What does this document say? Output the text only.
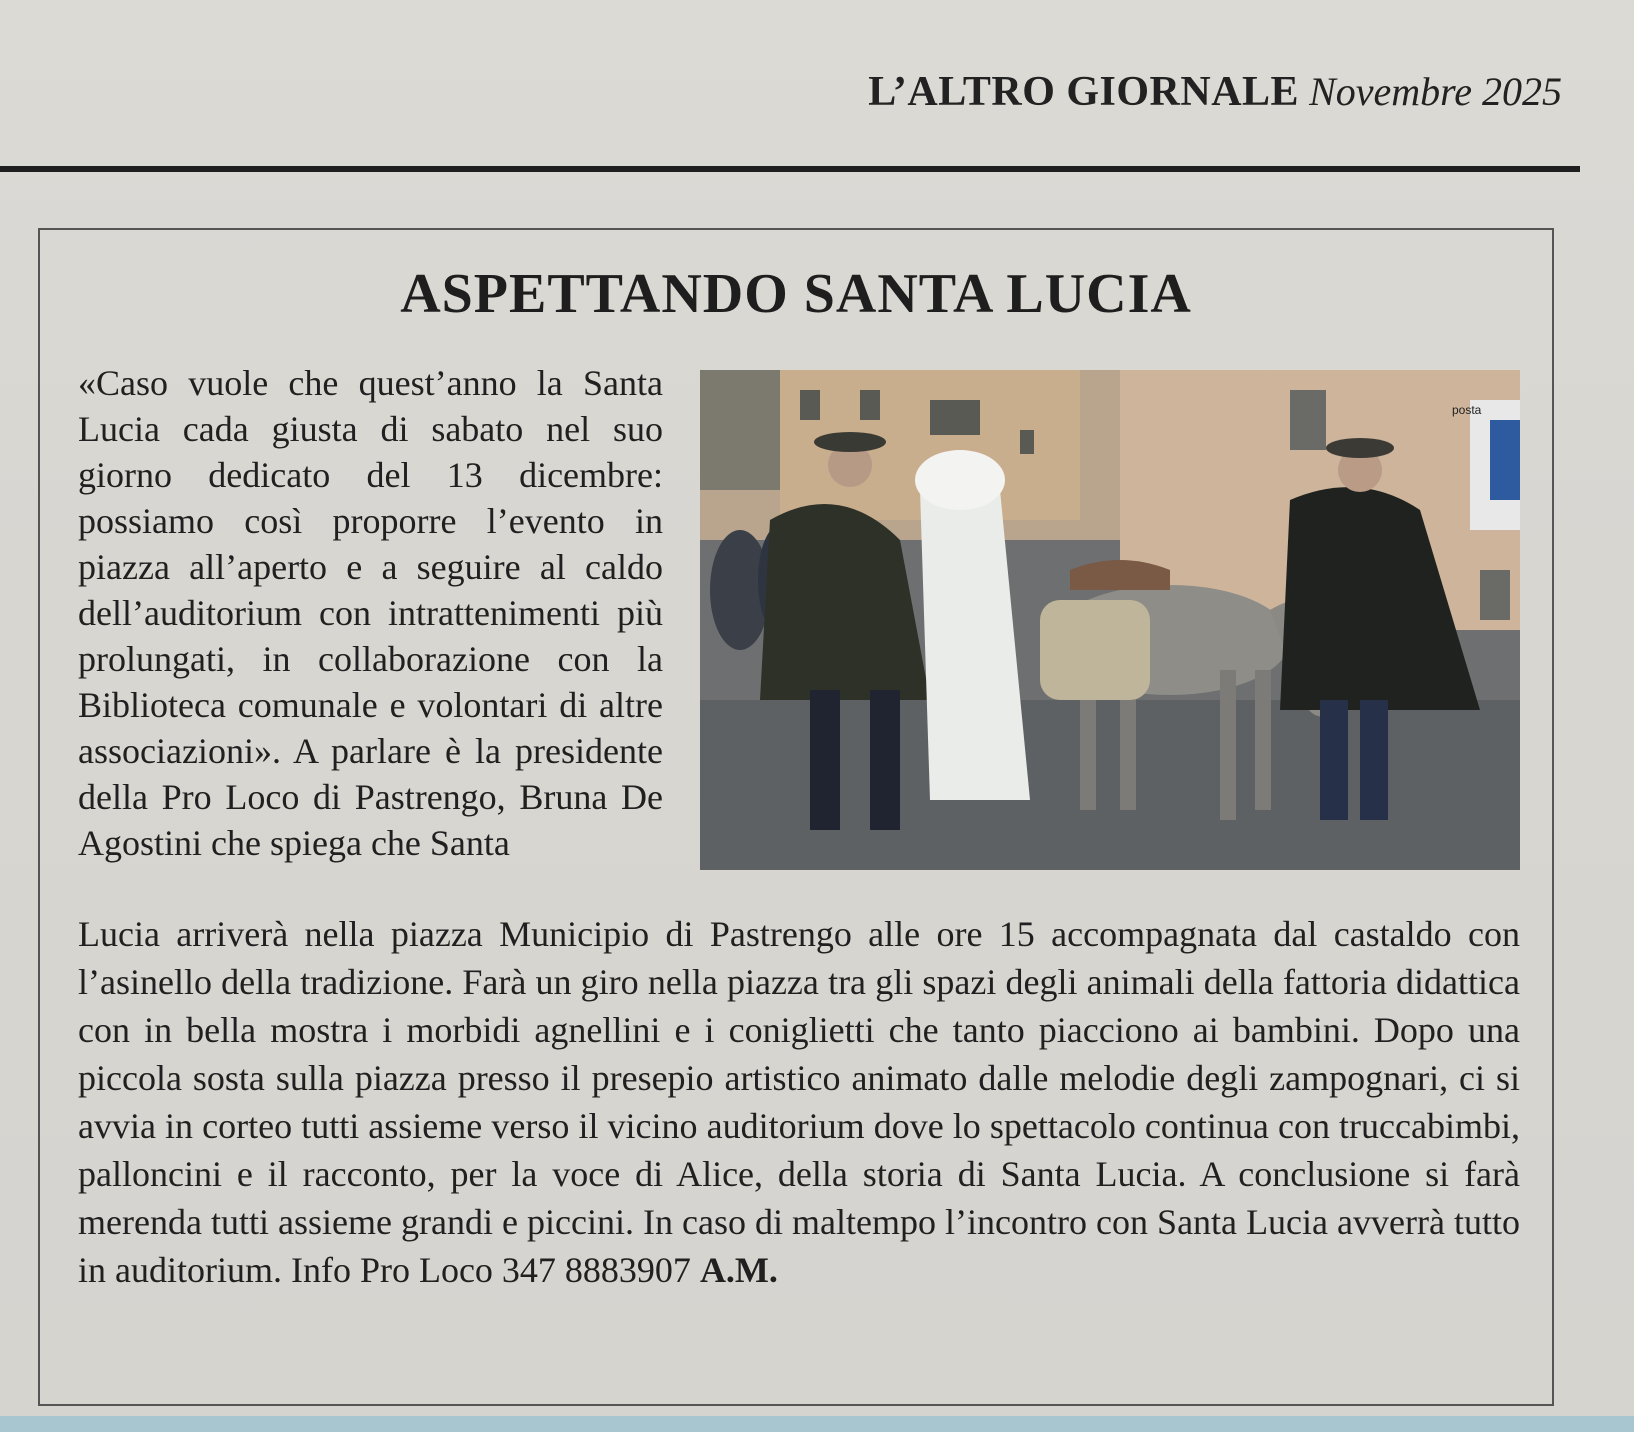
L’ALTRO GIORNALE Novembre 2025
ASPETTANDO SANTA LUCIA
«Caso vuole che quest’anno la Santa Lucia cada giusta di sabato nel suo giorno dedicato del 13 dicembre: possiamo così proporre l’evento in piazza all’aperto e a seguire al caldo dell’auditorium con intrattenimenti più prolungati, in collaborazione con la Biblioteca comunale e volontari di altre associazioni». A parlare è la presidente della Pro Loco di Pastrengo, Bruna De Agostini che spiega che Santa
posta
Lucia arriverà nella piazza Municipio di Pastrengo alle ore 15 accompagnata dal castaldo con l’asinello della tradizione. Farà un giro nella piazza tra gli spazi degli animali della fattoria didattica con in bella mostra i morbidi agnellini e i coniglietti che tanto piacciono ai bambini. Dopo una piccola sosta sulla piazza presso il presepio artistico animato dalle melodie degli zampognari, ci si avvia in corteo tutti assieme verso il vicino auditorium dove lo spettacolo continua con truccabimbi, palloncini e il racconto, per la voce di Alice, della storia di Santa Lucia. A conclusione si farà merenda tutti assieme grandi e piccini. In caso di maltempo l’incontro con Santa Lucia avverrà tutto in auditorium. Info Pro Loco 347 8883907 A.M.
